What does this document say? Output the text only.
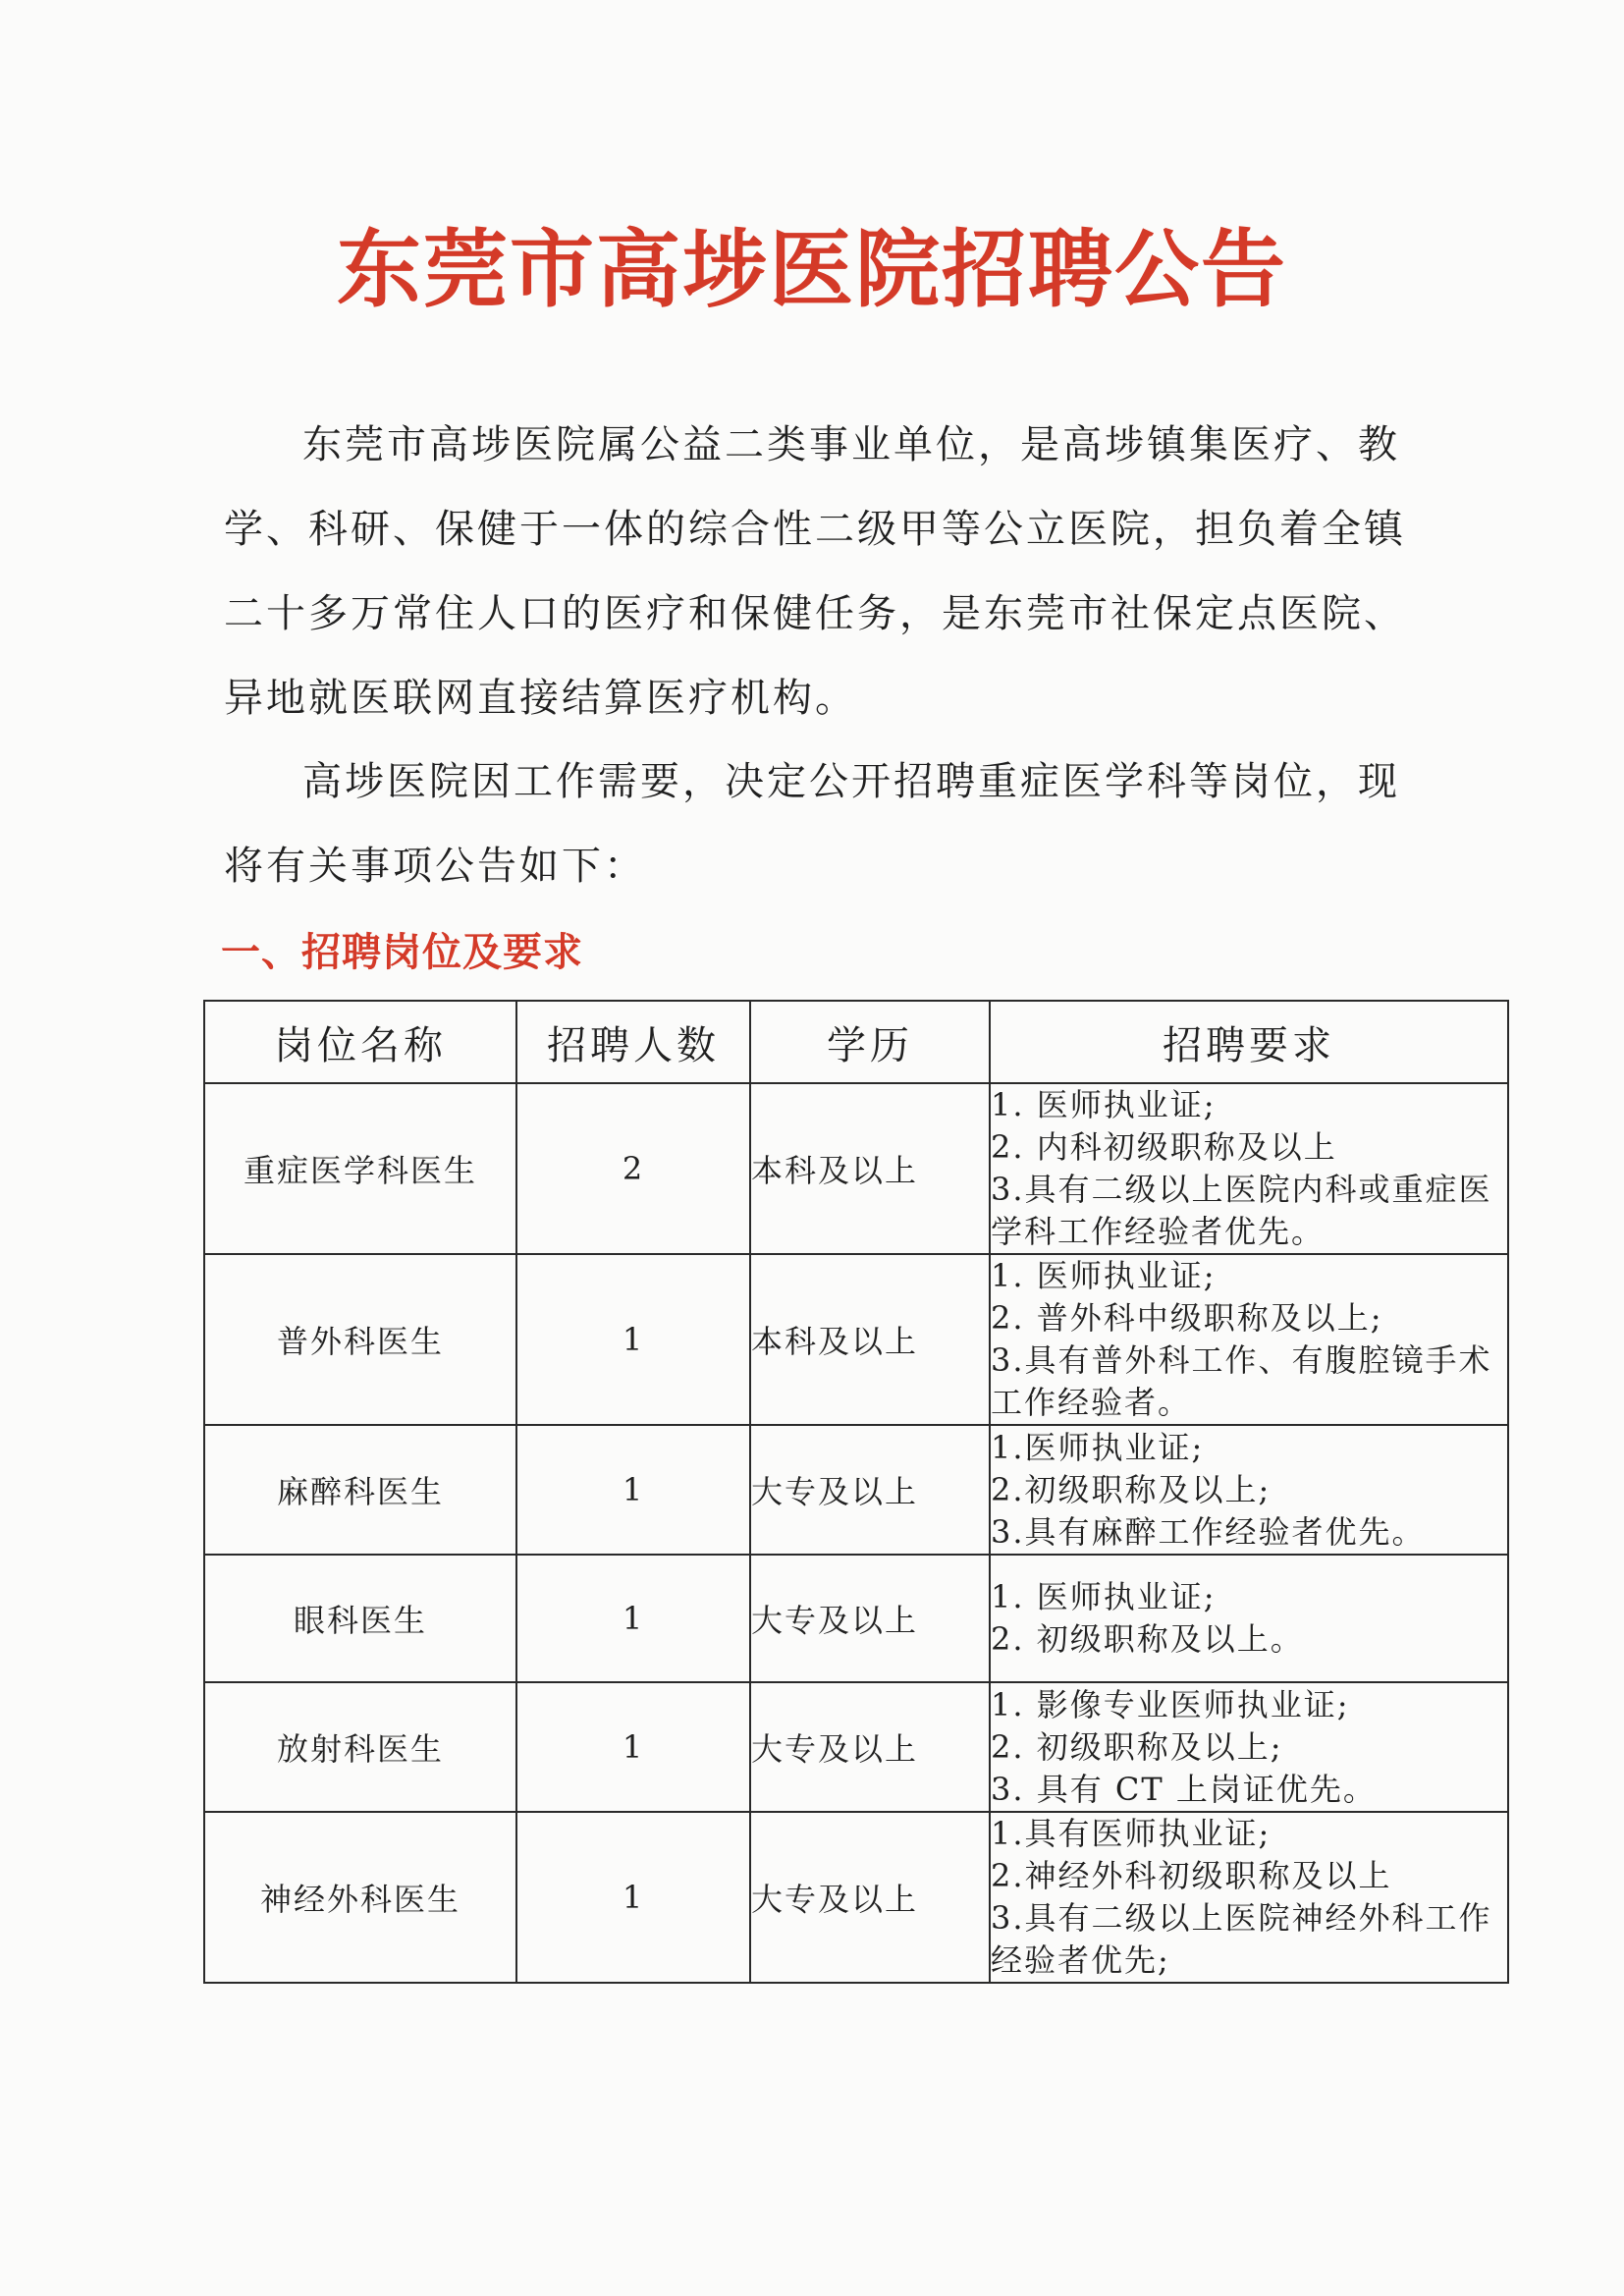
东莞市高埗医院招聘公告

东莞市高埗医院属公益二类事业单位，是高埗镇集医疗、教学、科研、保健于一体的综合性二级甲等公立医院，担负着全镇二十多万常住人口的医疗和保健任务，是东莞市社保定点医院、异地就医联网直接结算医疗机构。

高埗医院因工作需要，决定公开招聘重症医学科等岗位，现将有关事项公告如下：

一、招聘岗位及要求
岗位名称	招聘人数	学历	招聘要求
重症医学科医生	2	本科及以上	1. 医师执业证;
2. 内科初级职称及以上
3.具有二级以上医院内科或重症医学科工作经验者优先。

普外科医生	1	本科及以上	1. 医师执业证;
2. 普外科中级职称及以上;
3.具有普外科工作、有腹腔镜手术工作经验者。

麻醉科医生	1	大专及以上	1.医师执业证;
2.初级职称及以上;
3.具有麻醉工作经验者优先。

眼科医生	1	大专及以上	1. 医师执业证;
2. 初级职称及以上。

放射科医生	1	大专及以上	1. 影像专业医师执业证;
2. 初级职称及以上;
3. 具有 CT 上岗证优先。

神经外科医生	1	大专及以上	1.具有医师执业证;
2.神经外科初级职称及以上
3.具有二级以上医院神经外科工作经验者优先;
